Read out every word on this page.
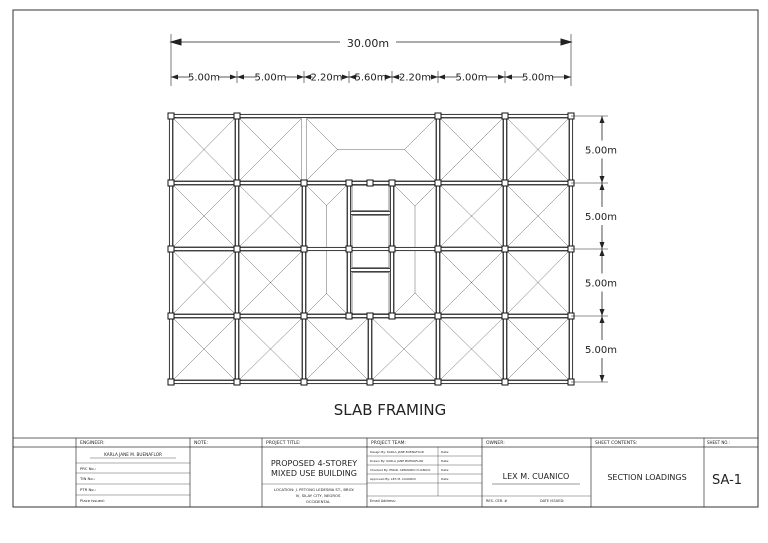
30.00m
5.00m	5.00m 2.20m 5.60m 2.20m 5.00m	5.00m
5.00m
5.00m
5.00m
5.00m
SLAB FRAMING
ENGINEER:
KARLA JANE M. BUENAFLOR
PRC No.:
TIN No.:
PTR No.:
Place Issued:
NOTE:	PROJECT TITLE:
PROPOSED 4-STOREY
MIXED USE BUILDING
LOCATION: J. PETONG LEDESMA ST., BRGY.
IV, SILAY CITY, NEGROS
OCCIDENTAL
PROJECT TEAM:
Design By: KARLA JANE BUENAFLOR	Date:
Drawn By: KARLA JANE BUENAFLOR	Date:
Checked By: ENGR. ARMANDO CUANICO	Date:
Approved By: LEX M. CUANICO	Date:
Email Address:
OWNER:
LEX M. CUANICO
RES. CER. #	DATE ISSUED:
SHEET CONTENTS:
SECTION LOADINGS
SHEET NO.:
SA-1
